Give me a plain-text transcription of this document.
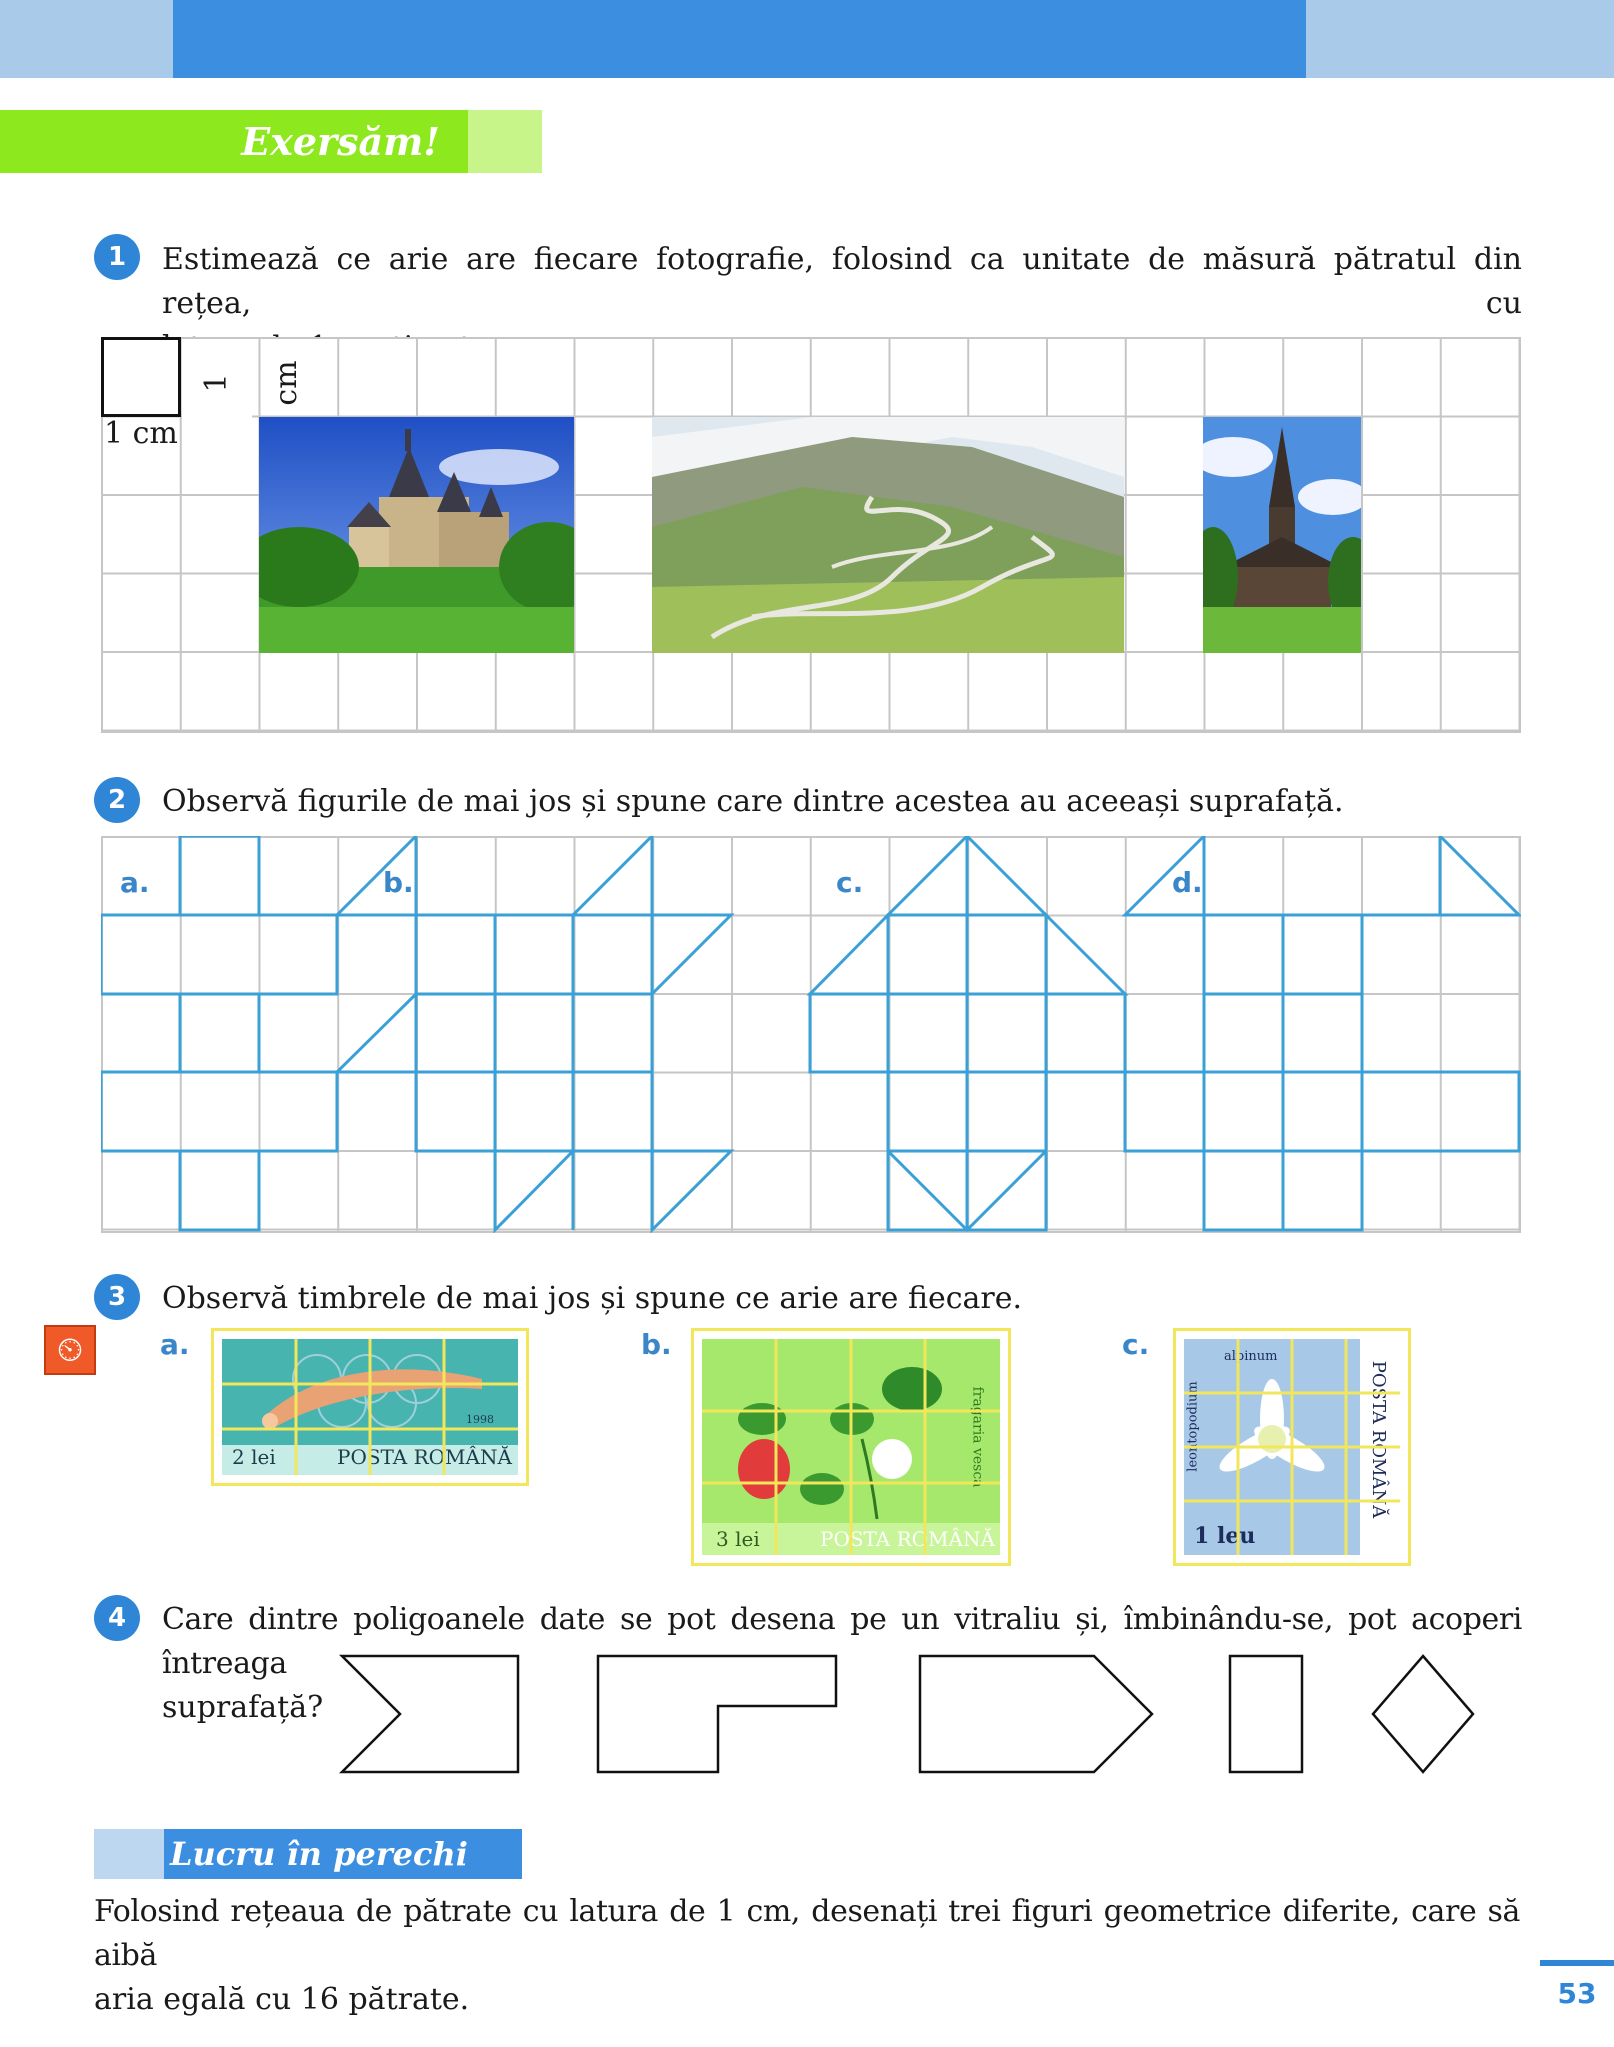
Exersăm!
1	Estimează ce arie are fiecare fotografie, folosind ca unitate de măsură pătratul din rețea, cu
1 cm
1 cm
2	Observă figurile de mai jos și spune care dintre acestea au aceeași suprafață.
a.	b.	c.	d.
3	Observă timbrele de mai jos și spune ce arie are fiecare.
⏲	a.	b.	c.
2 lei	POSTA ROMÂNĂ
1998
3 lei	POSTA ROMÂNĂ
fragaria vesca
1 leu
alpinum
leontopodium	POSTA ROMÂNĂ
4	Care dintre poligoanele date se pot desena pe un vitraliu și, îmbinându-se, pot acoperi întreaga
suprafață?
Lucru în perechi
Folosind rețeaua de pătrate cu latura de 1 cm, desenați trei figuri geometrice diferite, care să aibă
aria egală cu 16 pătrate.	53
